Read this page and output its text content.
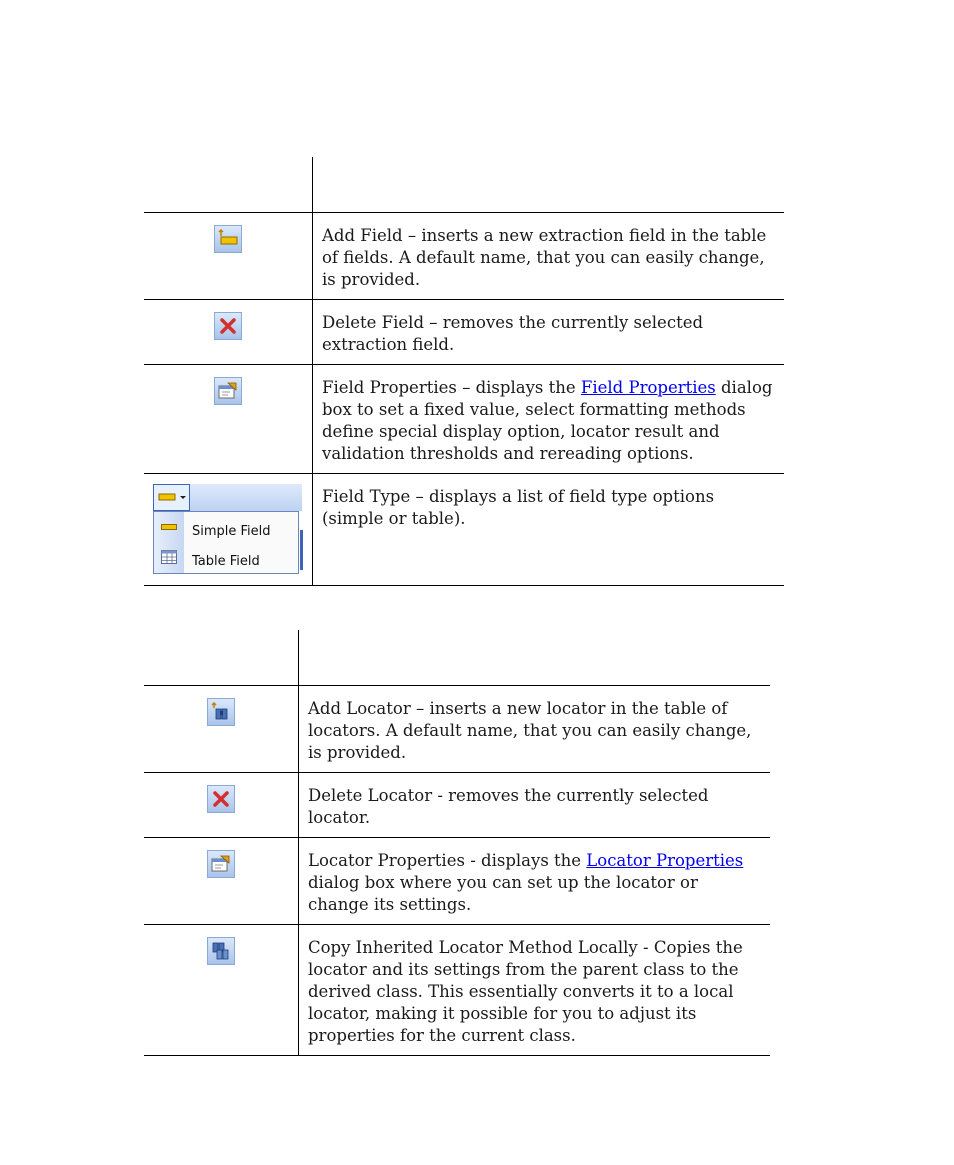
	Add Field – inserts a new extraction field in the table of fields. A default name, that you can easily change, is provided.

	Delete Field – removes the currently selected extraction field.

	Field Properties – displays the Field Properties dialog box to set a fixed value, select formatting methods define special display option, locator result and validation thresholds and rereading options.

Simple Field
Table Field	Field Type – displays a list of field type options (simple or table).

	Add Locator – inserts a new locator in the table of locators. A default name, that you can easily change, is provided.

	Delete Locator - removes the currently selected locator.

	Locator Properties - displays the Locator Properties dialog box where you can set up the locator or change its settings.

	Copy Inherited Locator Method Locally - Copies the locator and its settings from the parent class to the derived class. This essentially converts it to a local locator, making it possible for you to adjust its properties for the current class.
